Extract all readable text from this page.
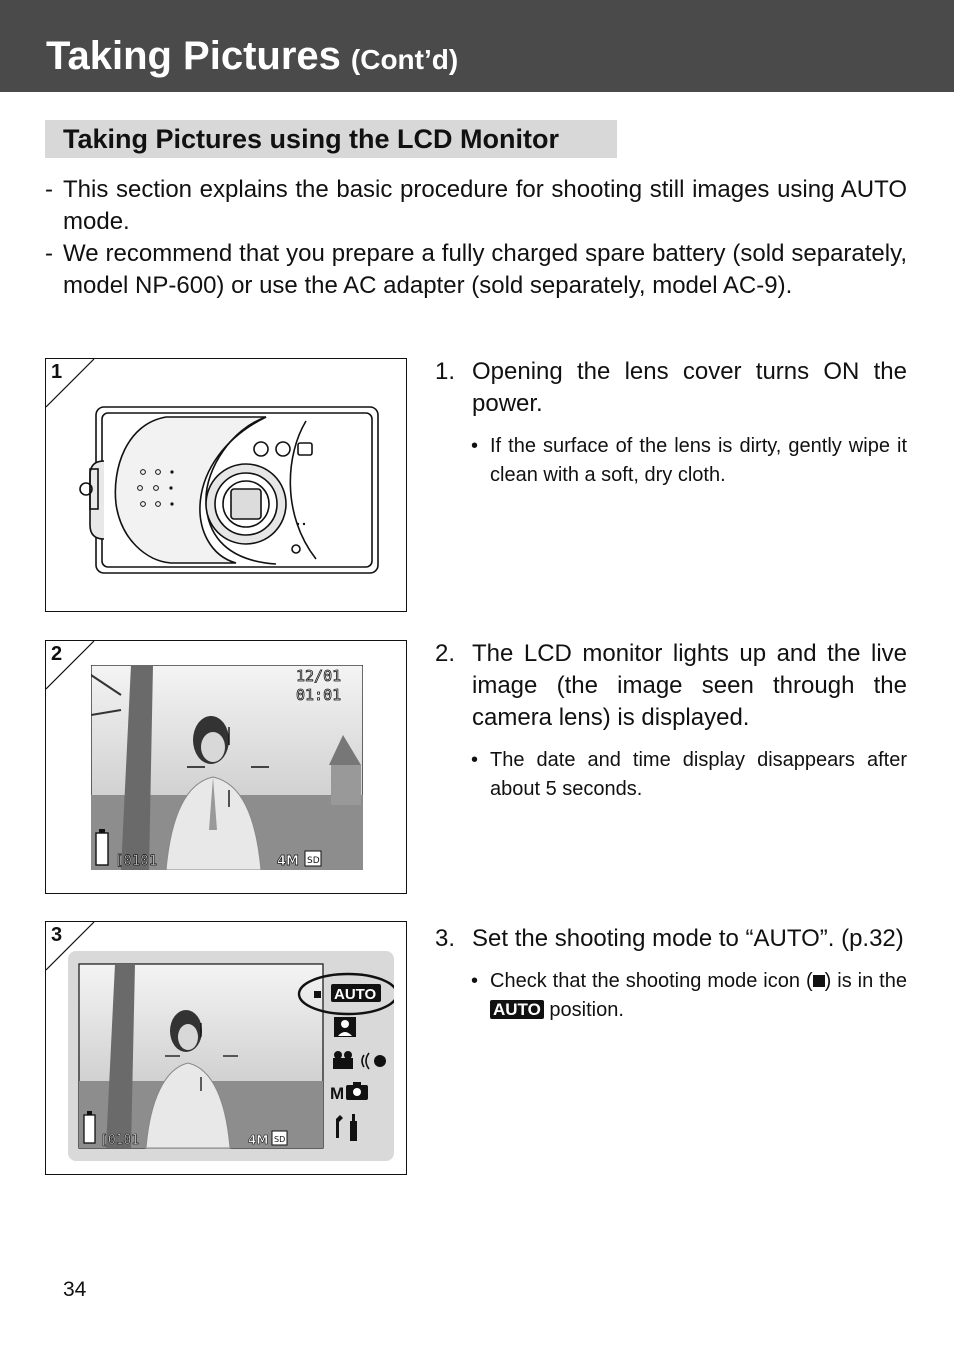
Taking Pictures (Cont’d)
Taking Pictures using the LCD Monitor
- This section explains the basic procedure for shooting still images using AUTO mode.
- We recommend that you prepare a fully charged spare battery (sold separately, model NP-600) or use the AC adapter (sold separately, model AC-9).
1
2
12/01
01:01
[0101	4M SD
3
[0101	4M SD
AUTO
M
1. Opening the lens cover turns ON the power.
• If the surface of the lens is dirty, gently wipe it clean with a soft, dry cloth.
2. The LCD monitor lights up and the live image (the image seen through the camera lens) is displayed.
• The date and time display disappears after about 5 seconds.
3. Set the shooting mode to “AUTO”. (p.32)
• Check that the shooting mode icon ( ) is in the AUTO position.
34
